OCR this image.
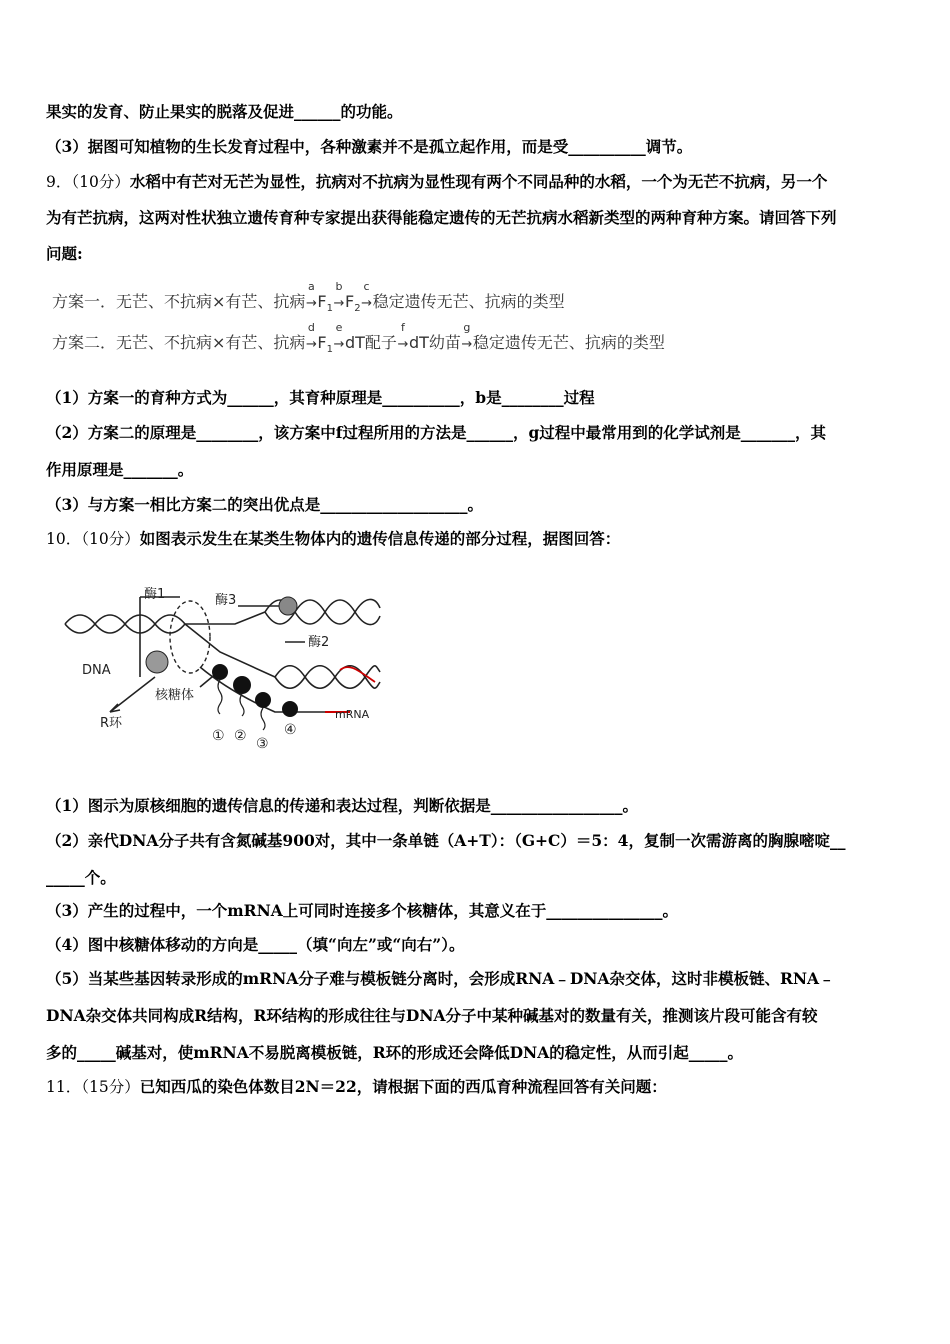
果实的发育、防止果实的脱落及促进______的功能。
（3）据图可知植物的生长发育过程中，各种激素并不是孤立起作用，而是受__________调节。
9．（10分）水稻中有芒对无芒为显性，抗病对不抗病为显性现有两个不同品种的水稻，一个为无芒不抗病，另一个
为有芒抗病，这两对性状独立遗传育种专家提出获得能稳定遗传的无芒抗病水稻新类型的两种育种方案。请回答下列
问题:
方案一．无芒、不抗病×有芒、抗病
a
$\to F_1$
b
$\to F_2$
c
→稳定遗传无芒、抗病的类型
方案二．无芒、不抗病×有芒、抗病
d
$\to F_1$
e
→dT配子
f
→dT幼苗
g
→稳定遗传无芒、抗病的类型
（1）方案一的育种方式为______，其育种原理是__________，b是________过程
（2）方案二的原理是________，该方案中f过程所用的方法是______，g过程中最常用到的化学试剂是_______，其
作用原理是_______。
（3）与方案一相比方案二的突出优点是___________________。
10．（10分）如图表示发生在某类生物体内的遗传信息传递的部分过程，据图回答：
酶1	酶3
酶2
DNA
核糖体
R环
mRNA
① ② ③
④
（1）图示为原核细胞的遗传信息的传递和表达过程，判断依据是_________________。
（2）亲代DNA分子共有含氮碱基900对，其中一条单链（A+T）：（G+C）＝5：4，复制一次需游离的胸腺嘧啶__
_____个。
（3）产生的过程中，一个mRNA上可同时连接多个核糖体，其意义在于_______________。
（4）图中核糖体移动的方向是_____（填“向左”或“向右”）。
（5）当某些基因转录形成的mRNA分子难与模板链分离时，会形成RNA﹣DNA杂交体，这时非模板链、RNA﹣
DNA杂交体共同构成R结构，R环结构的形成往往与DNA分子中某种碱基对的数量有关，推测该片段可能含有较
多的_____碱基对，使mRNA不易脱离模板链，R环的形成还会降低DNA的稳定性，从而引起_____。
11．（15分）已知西瓜的染色体数目2N＝22，请根据下面的西瓜育种流程回答有关问题：
